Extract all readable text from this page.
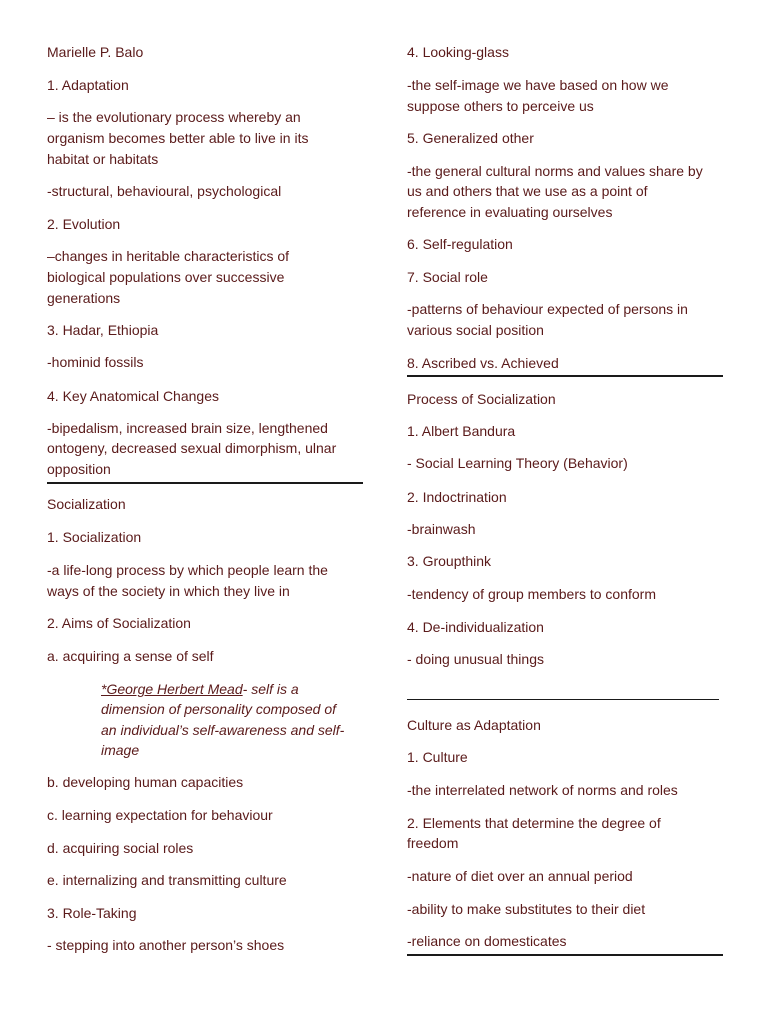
Marielle P. Balo
1. Adaptation
– is the evolutionary process whereby an
organism becomes better able to live in its
habitat or habitats
-structural, behavioural, psychological
2. Evolution
–changes in heritable characteristics of
biological populations over successive
generations
3. Hadar, Ethiopia
-hominid fossils
4. Key Anatomical Changes
-bipedalism, increased brain size, lengthened
ontogeny, decreased sexual dimorphism, ulnar
opposition
Socialization
1. Socialization
-a life-long process by which people learn the
ways of the society in which they live in
2. Aims of Socialization
a. acquiring a sense of self
*George Herbert Mead- self is a
dimension of personality composed of
an individual’s self-awareness and self-
image
b. developing human capacities
c. learning expectation for behaviour
d. acquiring social roles
e. internalizing and transmitting culture
3. Role-Taking
- stepping into another person’s shoes
4. Looking-glass
-the self-image we have based on how we
suppose others to perceive us
5. Generalized other
-the general cultural norms and values share by
us and others that we use as a point of
reference in evaluating ourselves
6. Self-regulation
7. Social role
-patterns of behaviour expected of persons in
various social position
8. Ascribed vs. Achieved
Process of Socialization
1. Albert Bandura
- Social Learning Theory (Behavior)
2. Indoctrination
-brainwash
3. Groupthink
-tendency of group members to conform
4. De-individualization
- doing unusual things
Culture as Adaptation
1. Culture
-the interrelated network of norms and roles
2. Elements that determine the degree of
freedom
-nature of diet over an annual period
-ability to make substitutes to their diet
-reliance on domesticates
